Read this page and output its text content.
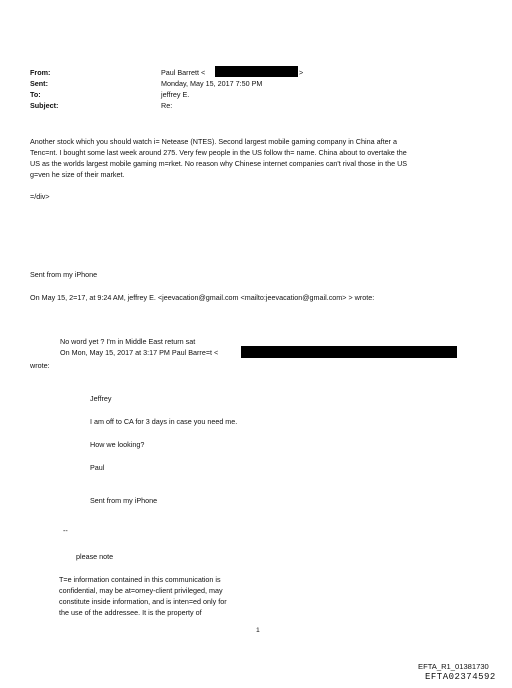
From:	Paul Barrett <	>
Sent:	Monday, May 15, 2017 7:50 PM
To:	jeffrey E.
Subject:	Re:
Another stock which you should watch i= Netease (NTES). Second largest mobile gaming company in China after a
Tenc=nt. I bought some last week around 275. Very few people in the US follow th= name. China about to overtake the
US as the worlds largest mobile gaming m=rket. No reason why Chinese internet companies can't rival those in the US
g=ven he size of their market.
=/div>
Sent from my iPhone
On May 15, 2=17, at 9:24 AM, jeffrey E. <jeevacation@gmail.com <mailto:jeevacation@gmail.com> > wrote:
No word yet ? I'm in Middle East return sat
On Mon, May 15, 2017 at 3:17 PM Paul Barre=t <
wrote:
Jeffrey
I am off to CA for 3 days in case you need me.
How we looking?
Paul
Sent from my iPhone
--
please note
T=e information contained in this communication is
confidential, may be at=orney-client privileged, may
constitute inside information, and is inten=ed only for
the use of the addressee. It is the property of
1
EFTA_R1_01381730
EFTA02374592
